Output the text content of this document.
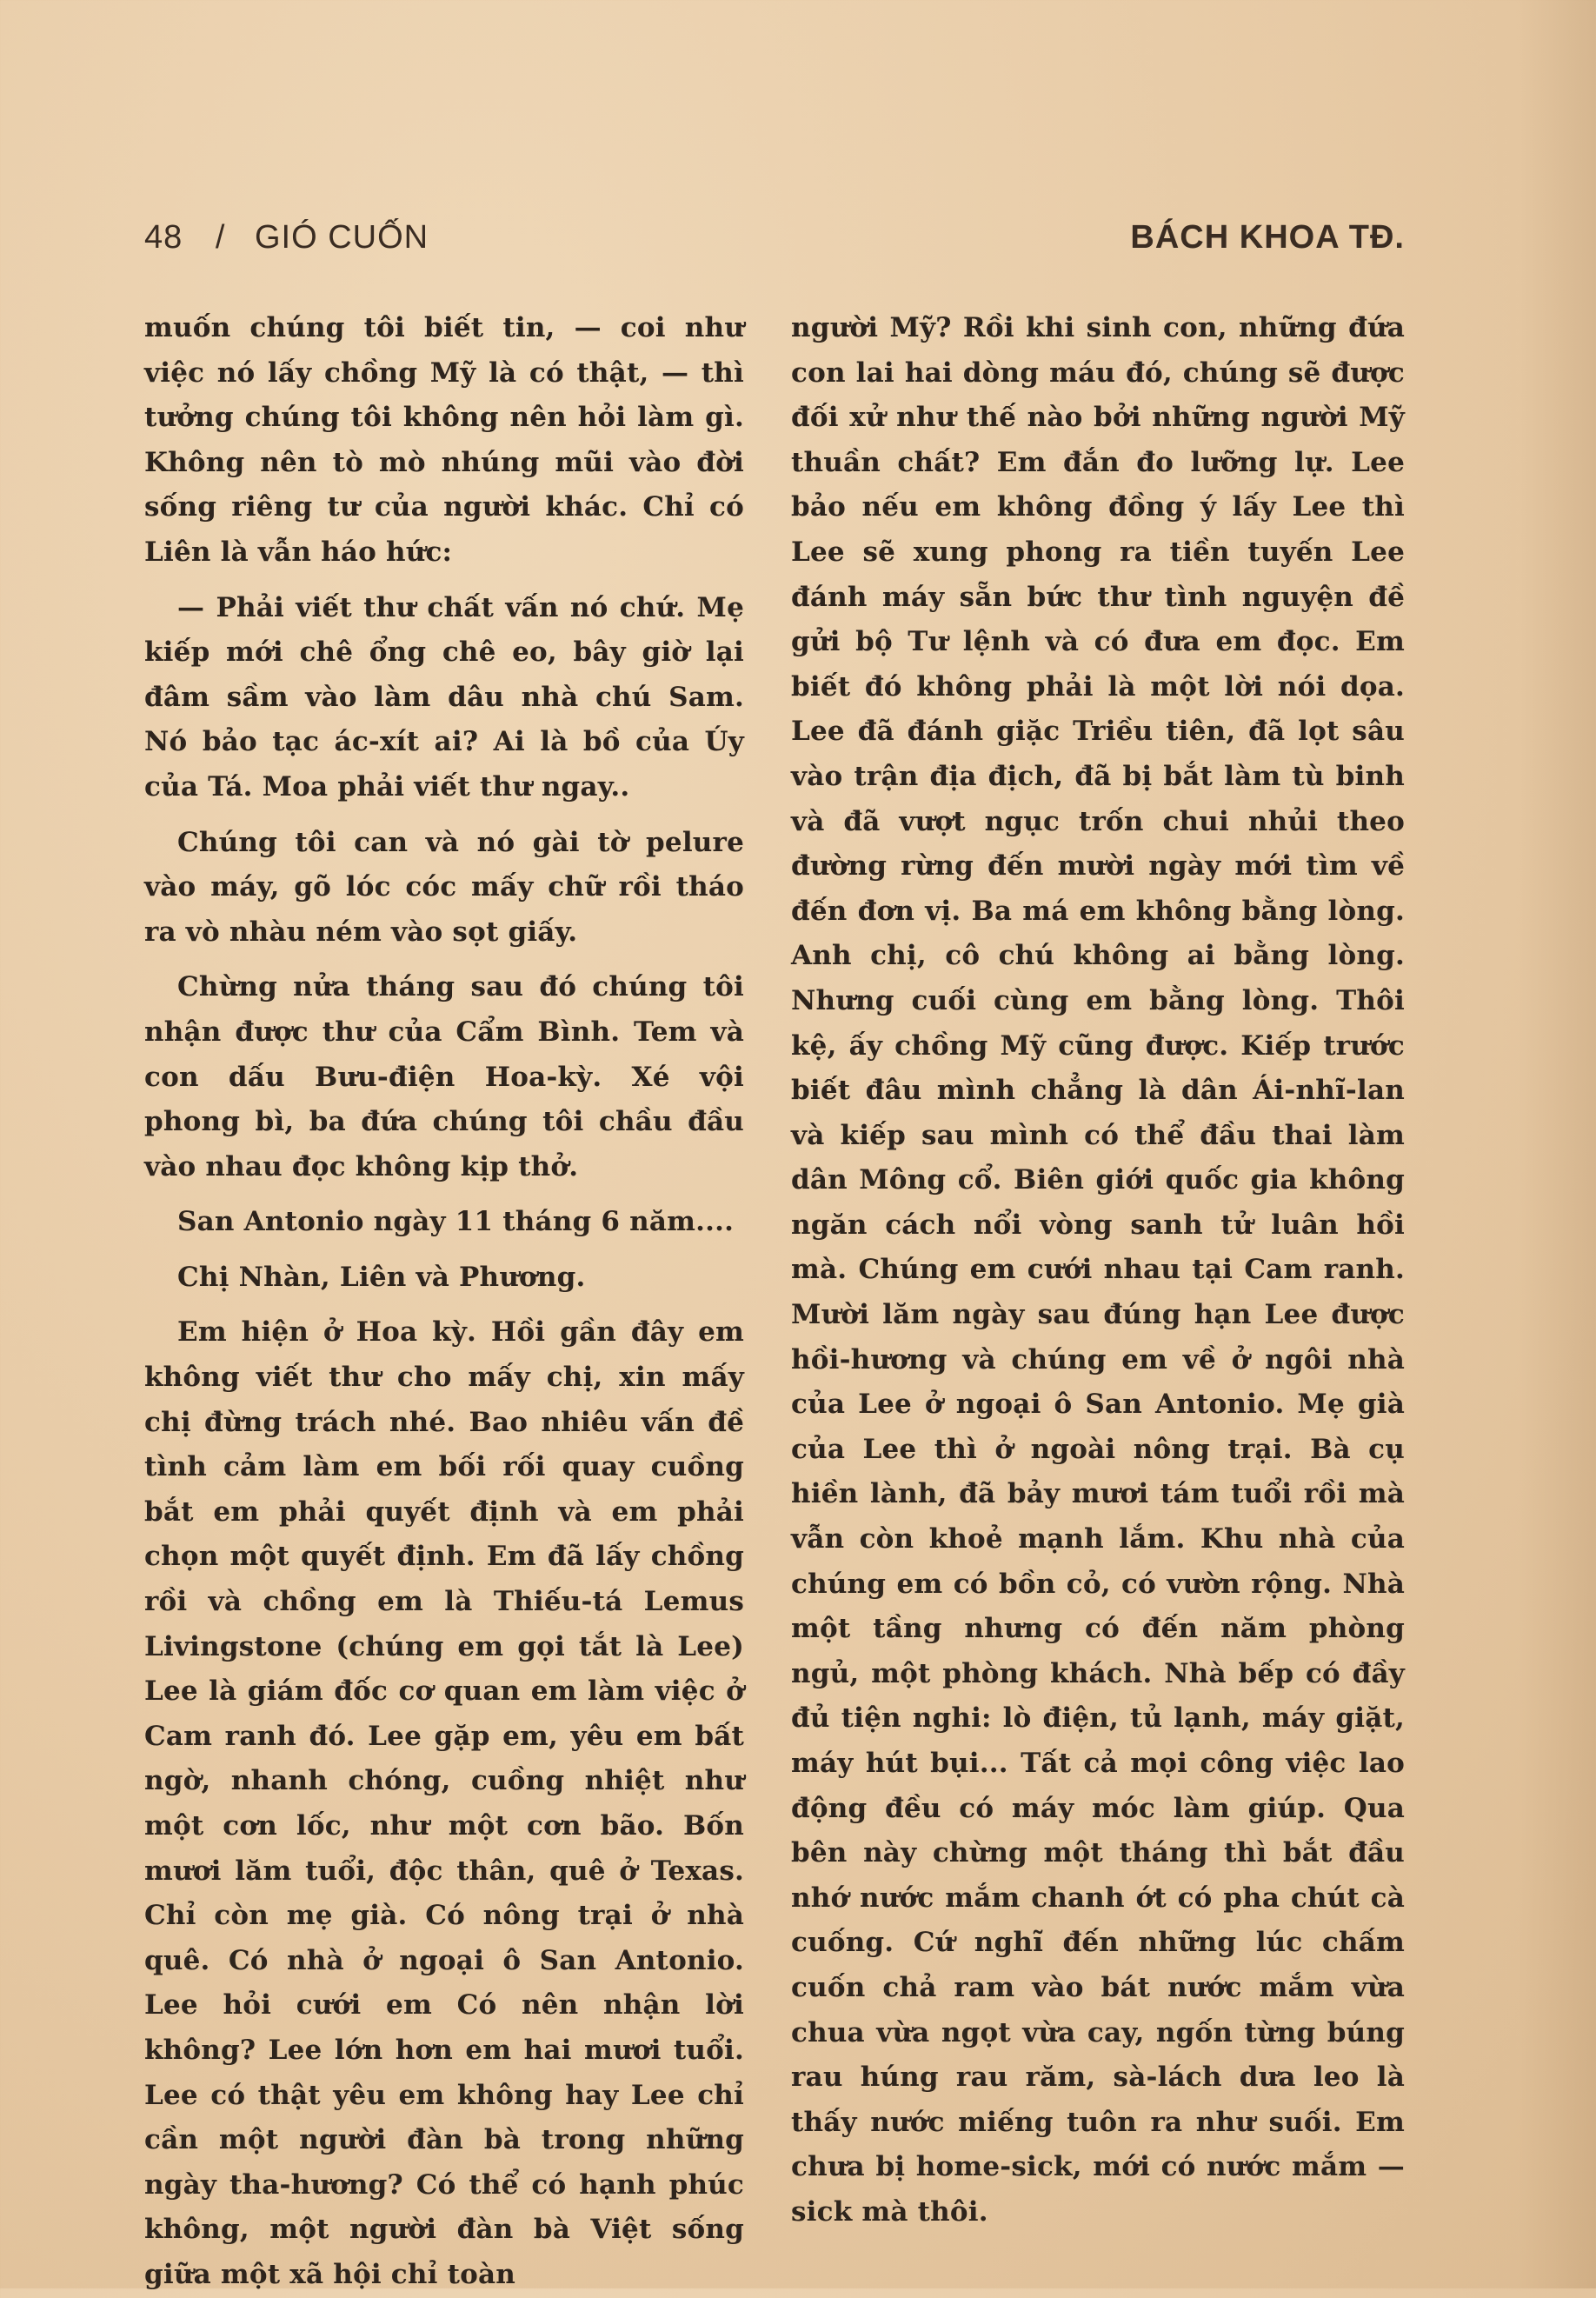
48 / GIÓ CUỐN	BÁCH KHOA TĐ.

muốn chúng tôi biết tin, — coi như việc nó lấy chồng Mỹ là có thật, — thì tưởng chúng tôi không nên hỏi làm gì. Không nên tò mò nhúng mũi vào đời sống riêng tư của người khác. Chỉ có Liên là vẫn háo hức:

— Phải viết thư chất vấn nó chứ. Mẹ kiếp mới chê ổng chê eo, bây giờ lại đâm sầm vào làm dâu nhà chú Sam. Nó bảo tạc ác-xít ai? Ai là bồ của Úy của Tá. Moa phải viết thư ngay..

Chúng tôi can và nó gài tờ pelure vào máy, gõ lóc cóc mấy chữ rồi tháo ra vò nhàu ném vào sọt giấy.

Chừng nửa tháng sau đó chúng tôi nhận được thư của Cẩm Bình. Tem và con dấu Bưu-điện Hoa-kỳ. Xé vội phong bì, ba đứa chúng tôi chầu đầu vào nhau đọc không kịp thở.

San Antonio ngày 11 tháng 6 năm....

Chị Nhàn, Liên và Phương.

Em hiện ở Hoa kỳ. Hồi gần đây em không viết thư cho mấy chị, xin mấy chị đừng trách nhé. Bao nhiêu vấn đề tình cảm làm em bối rối quay cuồng bắt em phải quyết định và em phải chọn một quyết định. Em đã lấy chồng rồi và chồng em là Thiếu-tá Lemus Livingstone (chúng em gọi tắt là Lee) Lee là giám đốc cơ quan em làm việc ở Cam ranh đó. Lee gặp em, yêu em bất ngờ, nhanh chóng, cuồng nhiệt như một cơn lốc, như một cơn bão. Bốn mươi lăm tuổi, độc thân, quê ở Texas. Chỉ còn mẹ già. Có nông trại ở nhà quê. Có nhà ở ngoại ô San Antonio. Lee hỏi cưới em Có nên nhận lời không? Lee lớn hơn em hai mươi tuổi. Lee có thật yêu em không hay Lee chỉ cần một người đàn bà trong những ngày tha-hương? Có thể có hạnh phúc không, một người đàn bà Việt sống giữa một xã hội chỉ toàn

người Mỹ? Rồi khi sinh con, những đứa con lai hai dòng máu đó, chúng sẽ được đối xử như thế nào bởi những người Mỹ thuần chất? Em đắn đo lưỡng lự. Lee bảo nếu em không đồng ý lấy Lee thì Lee sẽ xung phong ra tiền tuyến Lee đánh máy sẵn bức thư tình nguyện đề gửi bộ Tư lệnh và có đưa em đọc. Em biết đó không phải là một lời nói dọa. Lee đã đánh giặc Triều tiên, đã lọt sâu vào trận địa địch, đã bị bắt làm tù binh và đã vượt ngục trốn chui nhủi theo đường rừng đến mười ngày mới tìm về đến đơn vị. Ba má em không bằng lòng. Anh chị, cô chú không ai bằng lòng. Nhưng cuối cùng em bằng lòng. Thôi kệ, ấy chồng Mỹ cũng được. Kiếp trước biết đâu mình chẳng là dân Ái-nhĩ-lan và kiếp sau mình có thể đầu thai làm dân Mông cổ. Biên giới quốc gia không ngăn cách nổi vòng sanh tử luân hồi mà. Chúng em cưới nhau tại Cam ranh. Mười lăm ngày sau đúng hạn Lee được hồi-hương và chúng em về ở ngôi nhà của Lee ở ngoại ô San Antonio. Mẹ già của Lee thì ở ngoài nông trại. Bà cụ hiền lành, đã bảy mươi tám tuổi rồi mà vẫn còn khoẻ mạnh lắm. Khu nhà của chúng em có bồn cỏ, có vườn rộng. Nhà một tầng nhưng có đến năm phòng ngủ, một phòng khách. Nhà bếp có đầy đủ tiện nghi: lò điện, tủ lạnh, máy giặt, máy hút bụi... Tất cả mọi công việc lao động đều có máy móc làm giúp. Qua bên này chừng một tháng thì bắt đầu nhớ nước mắm chanh ớt có pha chút cà cuống. Cứ nghĩ đến những lúc chấm cuốn chả ram vào bát nước mắm vừa chua vừa ngọt vừa cay, ngốn từng búng rau húng rau răm, sà-lách dưa leo là thấy nước miếng tuôn ra như suối. Em chưa bị home-sick, mới có nước mắm — sick mà thôi.
